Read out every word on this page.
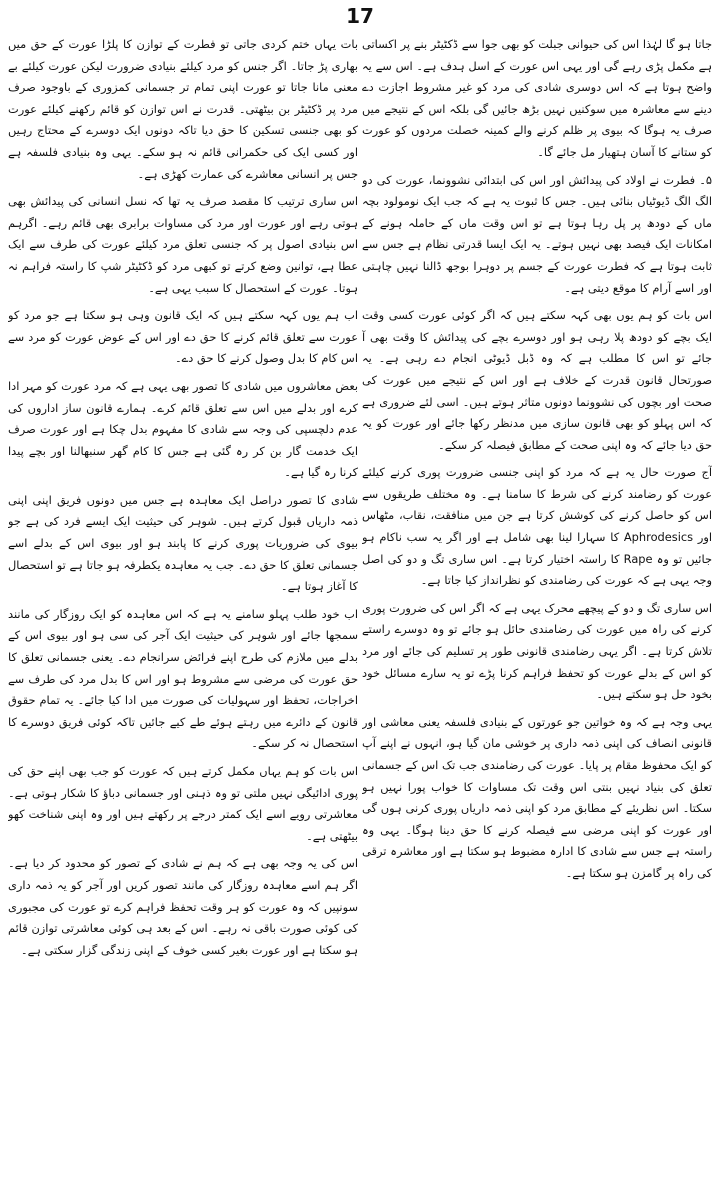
17

بات یہاں ختم کردی جاتی تو فطرت کے توازن کا پلڑا عورت کے حق میں بھاری پڑ جاتا۔ اگر جنس کو مرد کیلئے بنیادی ضرورت لیکن عورت کیلئے بے معنی مانا جاتا تو عورت اپنی تمام تر جسمانی کمزوری کے باوجود صرف مرد پر ڈکٹیٹر بن بیٹھتی۔ قدرت نے اس توازن کو قائم رکھنے کیلئے عورت کو بھی جنسی تسکین کا حق دیا تاکہ دونوں ایک دوسرے کے محتاج رہیں اور کسی ایک کی حکمرانی قائم نہ ہو سکے۔ یہی وہ بنیادی فلسفہ ہے جس پر انسانی معاشرے کی عمارت کھڑی ہے۔

اس ساری ترتیب کا مقصد صرف یہ تھا کہ نسل انسانی کی پیدائش بھی ہوتی رہے اور عورت اور مرد کی مساوات برابری بھی قائم رہے۔ اگرہم اس بنیادی اصول پر کہ جنسی تعلق مرد کیلئے عورت کی طرف سے ایک عطا ہے، توانین وضع کرتے تو کبھی مرد کو ڈکٹیٹر شپ کا راستہ فراہم نہ ہوتا۔ عورت کے استحصال کا سبب یہی ہے۔

اب ہم یوں کہہ سکتے ہیں کہ ایک قانون وہی ہو سکتا ہے جو مرد کو عورت سے تعلق قائم کرنے کا حق دے اور اس کے عوض عورت کو مرد سے اس کام کا بدل وصول کرنے کا حق دے۔

بعض معاشروں میں شادی کا تصور بھی یہی ہے کہ مرد عورت کو مہر ادا کرے اور بدلے میں اس سے تعلق قائم کرے۔ ہمارے قانون ساز اداروں کی عدم دلچسپی کی وجہ سے شادی کا مفہوم بدل چکا ہے اور عورت صرف ایک خدمت گار بن کر رہ گئی ہے جس کا کام گھر سنبھالنا اور بچے پیدا کرنا رہ گیا ہے۔

شادی کا تصور دراصل ایک معاہدہ ہے جس میں دونوں فریق اپنی اپنی ذمہ داریاں قبول کرتے ہیں۔ شوہر کی حیثیت ایک ایسے فرد کی ہے جو بیوی کی ضروریات پوری کرنے کا پابند ہو اور بیوی اس کے بدلے اسے جسمانی تعلق کا حق دے۔ جب یہ معاہدہ یکطرفہ ہو جاتا ہے تو استحصال کا آغاز ہوتا ہے۔

اب خود طلب پہلو سامنے یہ ہے کہ اس معاہدہ کو ایک روزگار کی مانند سمجھا جائے اور شوہر کی حیثیت ایک آجر کی سی ہو اور بیوی اس کے بدلے میں ملازم کی طرح اپنے فرائض سرانجام دے۔ یعنی جسمانی تعلق کا حق عورت کی مرضی سے مشروط ہو اور اس کا بدل مرد کی طرف سے اخراجات، تحفظ اور سہولیات کی صورت میں ادا کیا جائے۔ یہ تمام حقوق قانون کے دائرے میں رہتے ہوئے طے کیے جائیں تاکہ کوئی فریق دوسرے کا استحصال نہ کر سکے۔

اس بات کو ہم یہاں مکمل کرتے ہیں کہ عورت کو جب بھی اپنے حق کی پوری ادائیگی نہیں ملتی تو وہ ذہنی اور جسمانی دباؤ کا شکار ہوتی ہے۔ معاشرتی رویے اسے ایک کمتر درجے پر رکھتے ہیں اور وہ اپنی شناخت کھو بیٹھتی ہے۔

اس کی یہ وجہ بھی ہے کہ ہم نے شادی کے تصور کو محدود کر دیا ہے۔ اگر ہم اسے معاہدہ روزگار کی مانند تصور کریں اور آجر کو یہ ذمہ داری سونپیں کہ وہ عورت کو ہر وقت تحفظ فراہم کرے تو عورت کی مجبوری کی کوئی صورت باقی نہ رہے۔ اس کے بعد ہی کوئی معاشرتی توازن قائم ہو سکتا ہے اور عورت بغیر کسی خوف کے اپنی زندگی گزار سکتی ہے۔

جاتا ہو گا لہٰذا اس کی حیوانی جبلت کو بھی جوا سے ڈکٹیٹر بنے پر اکساتی ہے مکمل پڑی رہے گی اور یہی اس عورت کے اسل ہدف ہے۔ اس سے یہ واضح ہوتا ہے کہ اس دوسری شادی کی مرد کو غیر مشروط اجازت دے دینے سے معاشرہ میں سوکنیں نہیں بڑھ جائیں گی بلکہ اس کے نتیجے میں صرف یہ ہوگا کہ بیوی پر ظلم کرنے والے کمینہ خصلت مردوں کو عورت کو ستانے کا آسان ہتھیار مل جائے گا۔

۵۔ فطرت نے اولاد کی پیدائش اور اس کی ابتدائی نشوونما، عورت کی دو الگ الگ ڈیوٹیاں بنائی ہیں۔ جس کا ثبوت یہ ہے کہ جب ایک نومولود بچہ ماں کے دودھ پر پل رہا ہوتا ہے تو اس وقت ماں کے حاملہ ہونے کے امکانات ایک فیصد بھی نہیں ہوتے۔ یہ ایک ایسا قدرتی نظام ہے جس سے ثابت ہوتا ہے کہ فطرت عورت کے جسم پر دوہرا بوجھ ڈالنا نہیں چاہتی اور اسے آرام کا موقع دیتی ہے۔

اس بات کو ہم یوں بھی کہہ سکتے ہیں کہ اگر کوئی عورت کسی وقت ایک بچے کو دودھ پلا رہی ہو اور دوسرے بچے کی پیدائش کا وقت بھی آ جائے تو اس کا مطلب ہے کہ وہ ڈبل ڈیوٹی انجام دے رہی ہے۔ یہ صورتحال قانون قدرت کے خلاف ہے اور اس کے نتیجے میں عورت کی صحت اور بچوں کی نشوونما دونوں متاثر ہوتے ہیں۔ اسی لئے ضروری ہے کہ اس پہلو کو بھی قانون سازی میں مدنظر رکھا جائے اور عورت کو یہ حق دیا جائے کہ وہ اپنی صحت کے مطابق فیصلہ کر سکے۔

آج صورت حال یہ ہے کہ مرد کو اپنی جنسی ضرورت پوری کرنے کیلئے عورت کو رضامند کرنے کی شرط کا سامنا ہے۔ وہ مختلف طریقوں سے اس کو حاصل کرنے کی کوشش کرتا ہے جن میں منافقت، نقاب، مٹھاس اور Aphrodesics کا سہارا لینا بھی شامل ہے اور اگر یہ سب ناکام ہو جائیں تو وہ Rape کا راستہ اختیار کرتا ہے۔ اس ساری تگ و دو کی اصل وجہ یہی ہے کہ عورت کی رضامندی کو نظرانداز کیا جاتا ہے۔

اس ساری تگ و دو کے پیچھے محرک یہی ہے کہ اگر اس کی ضرورت پوری کرنے کی راہ میں عورت کی رضامندی حائل ہو جائے تو وہ دوسرے راستے تلاش کرتا ہے۔ اگر یہی رضامندی قانونی طور پر تسلیم کی جائے اور مرد کو اس کے بدلے عورت کو تحفظ فراہم کرنا پڑے تو یہ سارے مسائل خود بخود حل ہو سکتے ہیں۔

یہی وجہ ہے کہ وہ خواتین جو عورتوں کے بنیادی فلسفہ یعنی معاشی اور قانونی انصاف کی اپنی ذمہ داری پر خوشی مان گیا ہو، انہوں نے اپنے آپ کو ایک محفوظ مقام پر پایا۔ عورت کی رضامندی جب تک اس کے جسمانی تعلق کی بنیاد نہیں بنتی اس وقت تک مساوات کا خواب پورا نہیں ہو سکتا۔ اس نظریئے کے مطابق مرد کو اپنی ذمہ داریاں پوری کرنی ہوں گی اور عورت کو اپنی مرضی سے فیصلہ کرنے کا حق دینا ہوگا۔ یہی وہ راستہ ہے جس سے شادی کا ادارہ مضبوط ہو سکتا ہے اور معاشرہ ترقی کی راہ پر گامزن ہو سکتا ہے۔
